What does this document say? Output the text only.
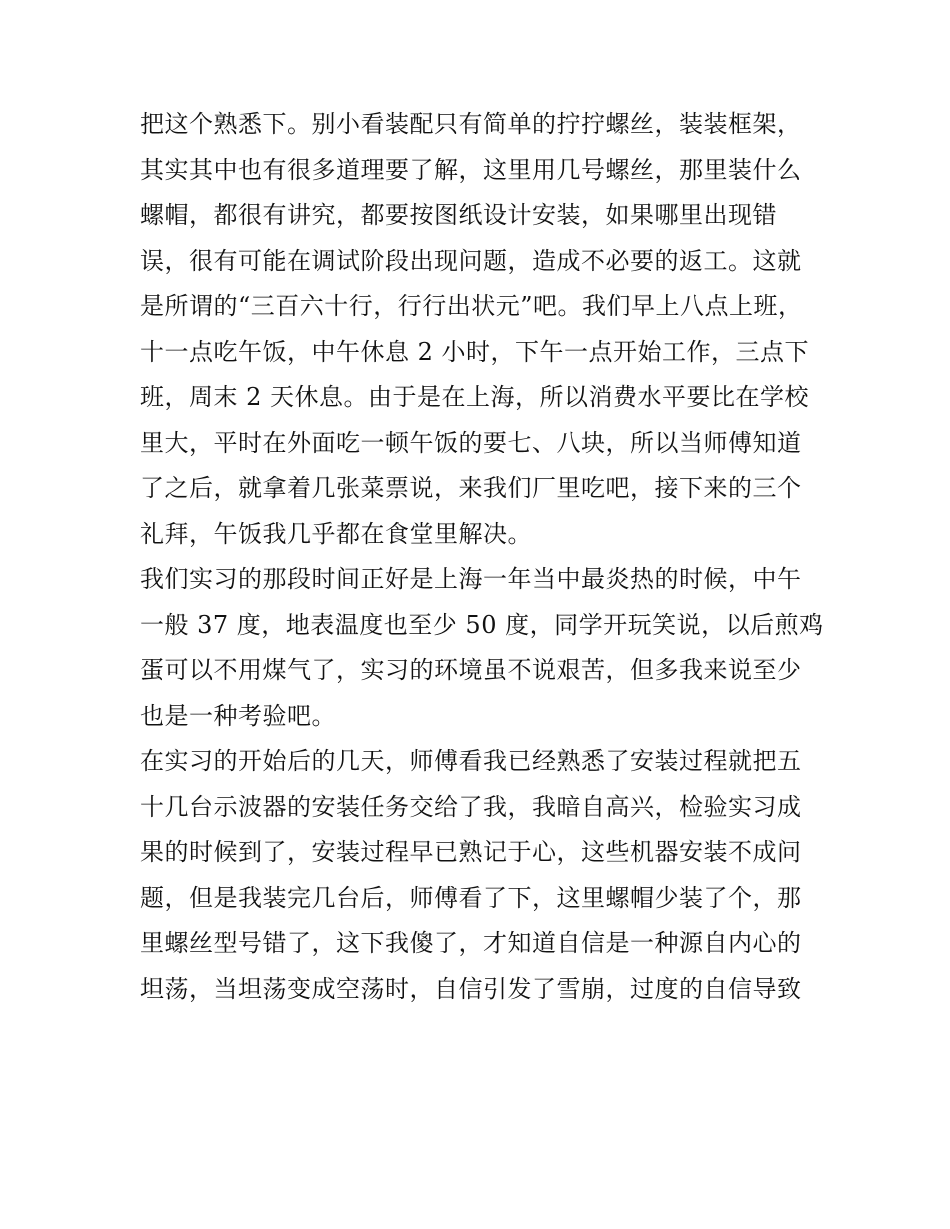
把这个熟悉下。别小看装配只有简单的拧拧螺丝，装装框架，
其实其中也有很多道理要了解，这里用几号螺丝，那里装什么
螺帽，都很有讲究，都要按图纸设计安装，如果哪里出现错
误，很有可能在调试阶段出现问题，造成不必要的返工。这就
是所谓的“三百六十行，行行出状元”吧。我们早上八点上班，
十一点吃午饭，中午休息 2 小时，下午一点开始工作，三点下
班，周末 2 天休息。由于是在上海，所以消费水平要比在学校
里大，平时在外面吃一顿午饭的要七、八块，所以当师傅知道
了之后，就拿着几张菜票说，来我们厂里吃吧，接下来的三个
礼拜，午饭我几乎都在食堂里解决。
我们实习的那段时间正好是上海一年当中最炎热的时候，中午
一般 37 度，地表温度也至少 50 度，同学开玩笑说，以后煎鸡
蛋可以不用煤气了，实习的环境虽不说艰苦，但多我来说至少
也是一种考验吧。
在实习的开始后的几天，师傅看我已经熟悉了安装过程就把五
十几台示波器的安装任务交给了我，我暗自高兴，检验实习成
果的时候到了，安装过程早已熟记于心，这些机器安装不成问
题，但是我装完几台后，师傅看了下，这里螺帽少装了个，那
里螺丝型号错了，这下我傻了，才知道自信是一种源自内心的
坦荡，当坦荡变成空荡时，自信引发了雪崩，过度的自信导致
